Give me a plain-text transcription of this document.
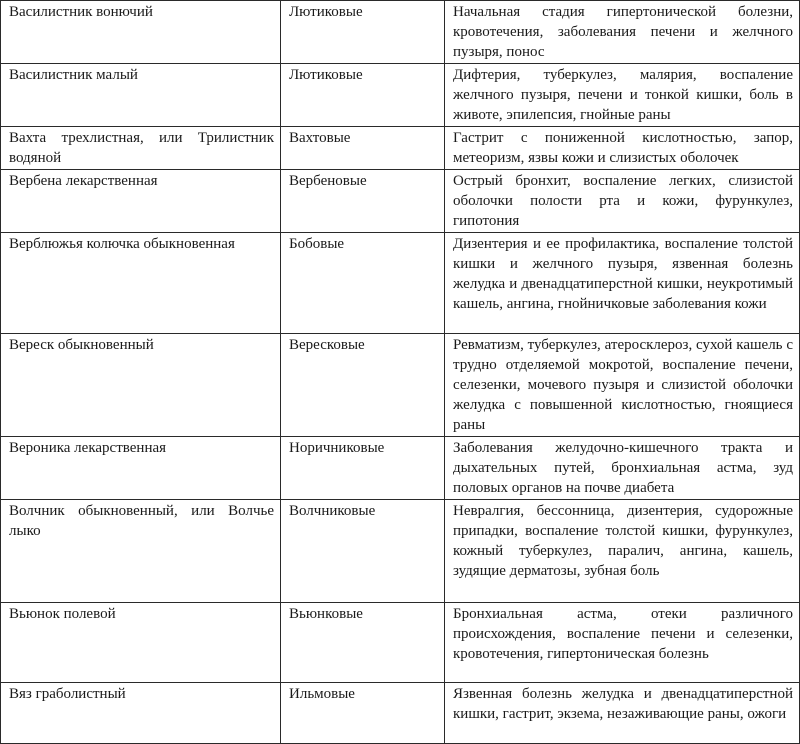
Василистник вонючий	Лютиковые	Начальная стадия гипертонической болезни, кровотечения, заболевания печени и желчного пузыря, понос
Василистник малый	Лютиковые	Дифтерия, туберкулез, малярия, воспаление желчного пузыря, печени и тонкой кишки, боль в животе, эпилепсия, гнойные раны
Вахта трехлистная, или Трилистник водяной	Вахтовые	Гастрит с пониженной кислотностью, запор, метеоризм, язвы кожи и слизистых оболочек
Вербена лекарственная	Вербеновые	Острый бронхит, воспаление легких, слизистой оболочки полости рта и кожи, фурункулез, гипотония
Верблюжья колючка обыкновенная	Бобовые	Дизентерия и ее профилактика, воспаление толстой кишки и желчного пузыря, язвенная болезнь желудка и двенадцатиперстной кишки, неукротимый кашель, ангина, гнойничковые заболевания кожи
Вереск обыкновенный	Вересковые	Ревматизм, туберкулез, атеросклероз, сухой кашель с трудно отделяемой мокротой, воспаление печени, селезенки, мочевого пузыря и слизистой оболочки желудка с повышенной кислотностью, гноящиеся раны
Вероника лекарственная	Норичниковые	Заболевания желудочно-кишечного тракта и дыхательных путей, бронхиальная астма, зуд половых органов на почве диабета
Волчник обыкновенный, или Волчье лыко	Волчниковые	Невралгия, бессонница, дизентерия, судорожные припадки, воспаление толстой кишки, фурункулез, кожный туберкулез, паралич, ангина, кашель, зудящие дерматозы, зубная боль
Вьюнок полевой	Вьюнковые	Бронхиальная астма, отеки различного происхождения, воспаление печени и селезенки, кровотечения, гипертоническая болезнь
Вяз граболистный	Ильмовые	Язвенная болезнь желудка и двенадцатиперстной кишки, гастрит, экзема, незаживающие раны, ожоги
